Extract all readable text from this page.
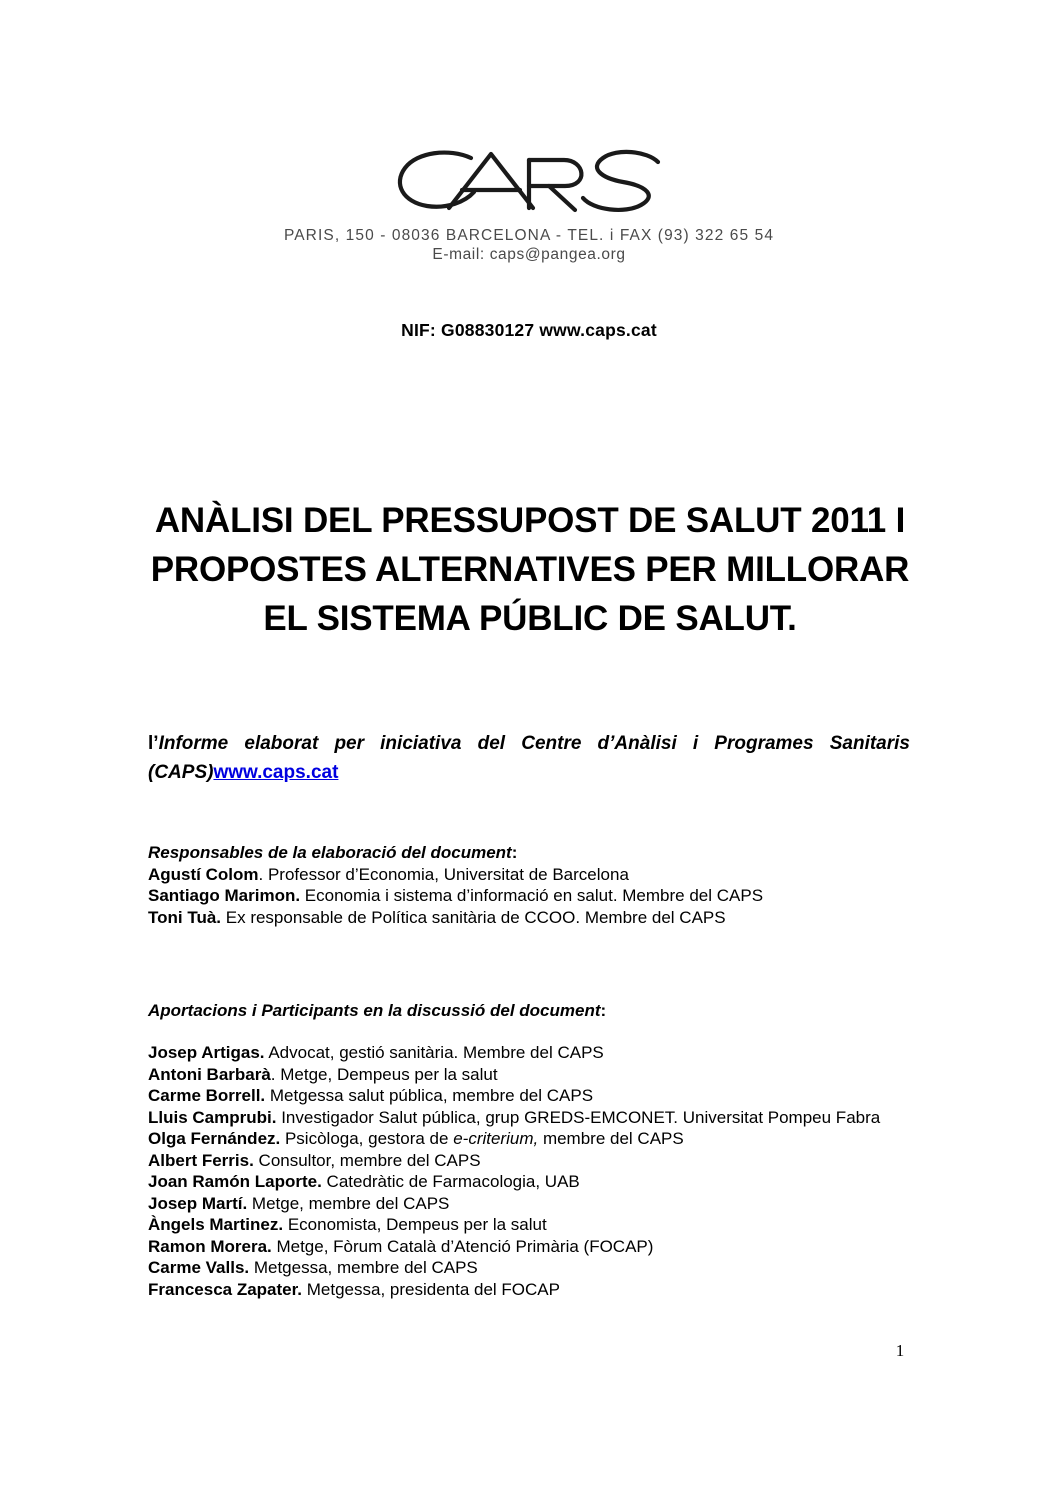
PARIS, 150 - 08036 BARCELONA - TEL. i FAX (93) 322 65 54
E-mail: caps@pangea.org
NIF: G08830127 www.caps.cat
ANÀLISI DEL PRESSUPOST DE SALUT 2011 I PROPOSTES ALTERNATIVES PER MILLORAR EL SISTEMA PÚBLIC DE SALUT.

l’Informe elaborat per iniciativa del Centre d’Anàlisi i Programes Sanitaris (CAPS)www.caps.cat

Responsables de la elaboració del document:
Agustí Colom. Professor d’Economia, Universitat de Barcelona
Santiago Marimon. Economia i sistema d’informació en salut. Membre del CAPS
Toni Tuà. Ex responsable de Política sanitària de CCOO. Membre del CAPS
Aportacions i Participants en la discussió del document:
Josep Artigas. Advocat, gestió sanitària. Membre del CAPS
Antoni Barbarà. Metge, Dempeus per la salut
Carme Borrell. Metgessa salut pública, membre del CAPS
Lluis Camprubi. Investigador Salut pública, grup GREDS-EMCONET. Universitat Pompeu Fabra
Olga Fernández. Psicòloga, gestora de e-criterium, membre del CAPS
Albert Ferris. Consultor, membre del CAPS
Joan Ramón Laporte. Catedràtic de Farmacologia, UAB
Josep Martí. Metge, membre del CAPS
Àngels Martinez. Economista, Dempeus per la salut
Ramon Morera. Metge, Fòrum Català d’Atenció Primària (FOCAP)
Carme Valls. Metgessa, membre del CAPS
Francesca Zapater. Metgessa, presidenta del FOCAP
1
